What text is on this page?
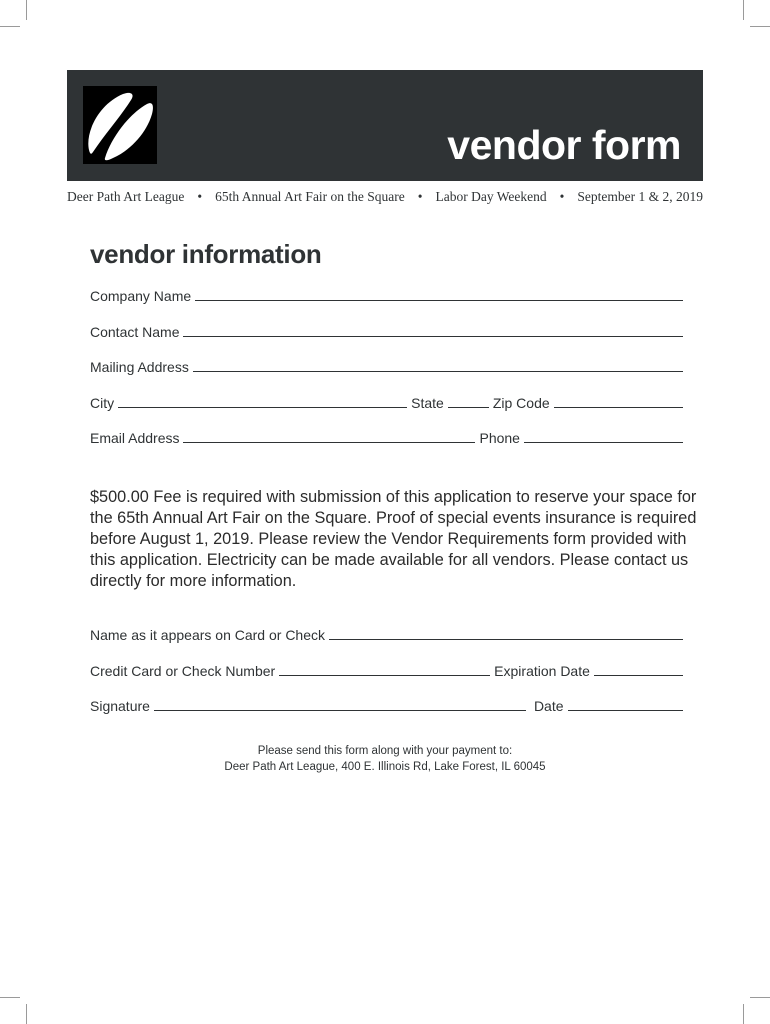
vendor form
Deer Path Art League • 65th Annual Art Fair on the Square • Labor Day Weekend • September 1 & 2, 2019
vendor information
Company Name
Contact Name
Mailing Address
City	State	Zip Code
Email Address	Phone
$500.00 Fee is required with submission of this application to reserve your space for the 65th Annual Art Fair on the Square. Proof of special events insurance is required before August 1, 2019. Please review the Vendor Requirements form provided with this application. Electricity can be made available for all vendors. Please contact us directly for more information.
Name as it appears on Card or Check
Credit Card or Check Number	Expiration Date
Signature	Date
Please send this form along with your payment to:
Deer Path Art League, 400 E. Illinois Rd, Lake Forest, IL 60045
